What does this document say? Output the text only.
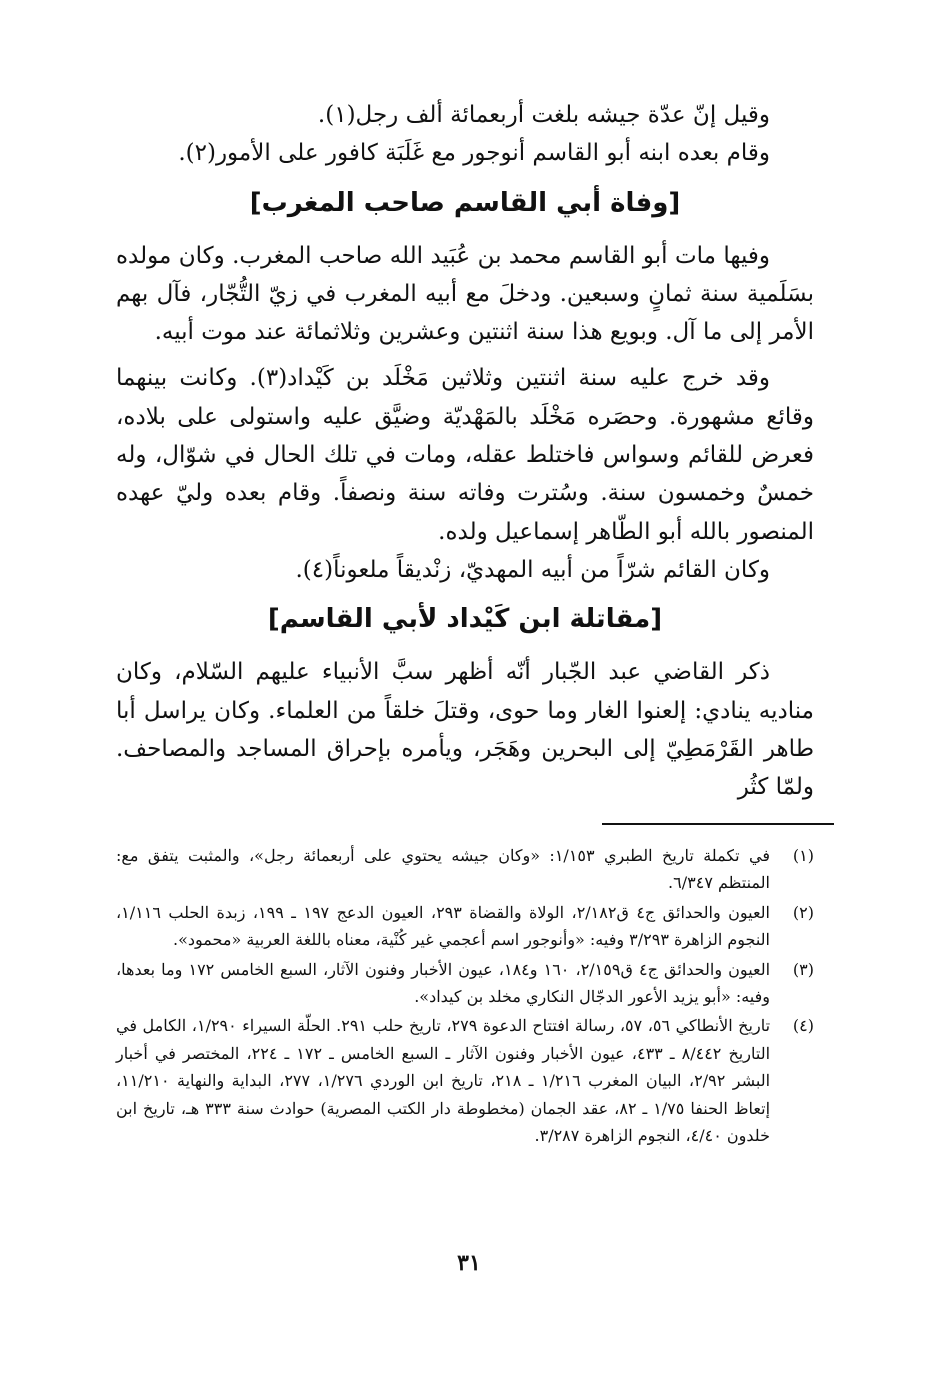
وقيل إنّ عدّة جيشه بلغت أربعمائة ألف رجل(١).

وقام بعده ابنه أبو القاسم أنوجور مع غَلَبَة كافور على الأمور(٢).

[وفاة أبي القاسم صاحب المغرب]

وفيها مات أبو القاسم محمد بن عُبَيد الله صاحب المغرب. وكان مولده بسَلَمية سنة ثمانٍ وسبعين. ودخلَ مع أبيه المغرب في زيّ التُّجّار، فآل بهم الأمر إلى ما آل. وبويع هذا سنة اثنتين وعشرين وثلاثمائة عند موت أبيه.

وقد خرج عليه سنة اثنتين وثلاثين مَخْلَد بن كَيْداد(٣). وكانت بينهما وقائع مشهورة. وحصَره مَخْلَد بالمَهْديّة وضيَّق عليه واستولى على بلاده، فعرض للقائم وسواس فاختلط عقله، ومات في تلك الحال في شوّال، وله خمسٌ وخمسون سنة. وسُترت وفاته سنة ونصفاً. وقام بعده وليّ عهده المنصور بالله أبو الطّاهر إسماعيل ولده.

وكان القائم شرّاً من أبيه المهديّ، زنْديقاً ملعوناً(٤).

[مقاتلة ابن كَيْداد لأبي القاسم]

ذكر القاضي عبد الجّبار أنّه أظهر سبَّ الأنبياء عليهم السّلام، وكان مناديه ينادي: إلعنوا الغار وما حوى، وقتلَ خلقاً من العلماء. وكان يراسل أبا طاهر القَرْمَطِيّ إلى البحرين وهَجَر، ويأمره بإحراق المساجد والمصاحف. ولمّا كثُر

(١)
في تكملة تاريخ الطبري ١/١٥٣: «وكان جيشه يحتوي على أربعمائة رجل»، والمثبت يتفق مع: المنتظم ٦/٣٤٧.
(٢)
العيون والحدائق ج٤ ق٢/١٨٢، الولاة والقضاة ٢٩٣، العيون الدعج ١٩٧ ـ ١٩٩، زبدة الحلب ١/١١٦، النجوم الزاهرة ٣/٢٩٣ وفيه: «وأنوجور اسم أعجمي غير كُنْية، معناه باللغة العربية «محمود».
(٣)
العيون والحدائق ج٤ ق٢/١٥٩، ١٦٠ و١٨٤، عيون الأخبار وفنون الآثار، السبع الخامس ١٧٢ وما بعدها، وفيه: «أبو يزيد الأعور الدجّال النكاري مخلد بن كيداد».
(٤)
تاريخ الأنطاكي ٥٦، ٥٧، رسالة افتتاح الدعوة ٢٧٩، تاريخ حلب ٢٩١. الحلّة السيراء ١/٢٩٠، الكامل في التاريخ ٨/٤٤٢ ـ ٤٣٣، عيون الأخبار وفنون الآثار ـ السبع الخامس ـ ١٧٢ ـ ٢٢٤، المختصر في أخبار البشر ٢/٩٢، البيان المغرب ١/٢١٦ ـ ٢١٨، تاريخ ابن الوردي ١/٢٧٦، ٢٧٧، البداية والنهاية ١١/٢١٠، إتعاظ الحنفا ١/٧٥ ـ ٨٢، عقد الجمان (مخطوطة دار الكتب المصرية) حوادث سنة ٣٣٣ هـ، تاريخ ابن خلدون ٤/٤٠، النجوم الزاهرة ٣/٢٨٧.
٣١
